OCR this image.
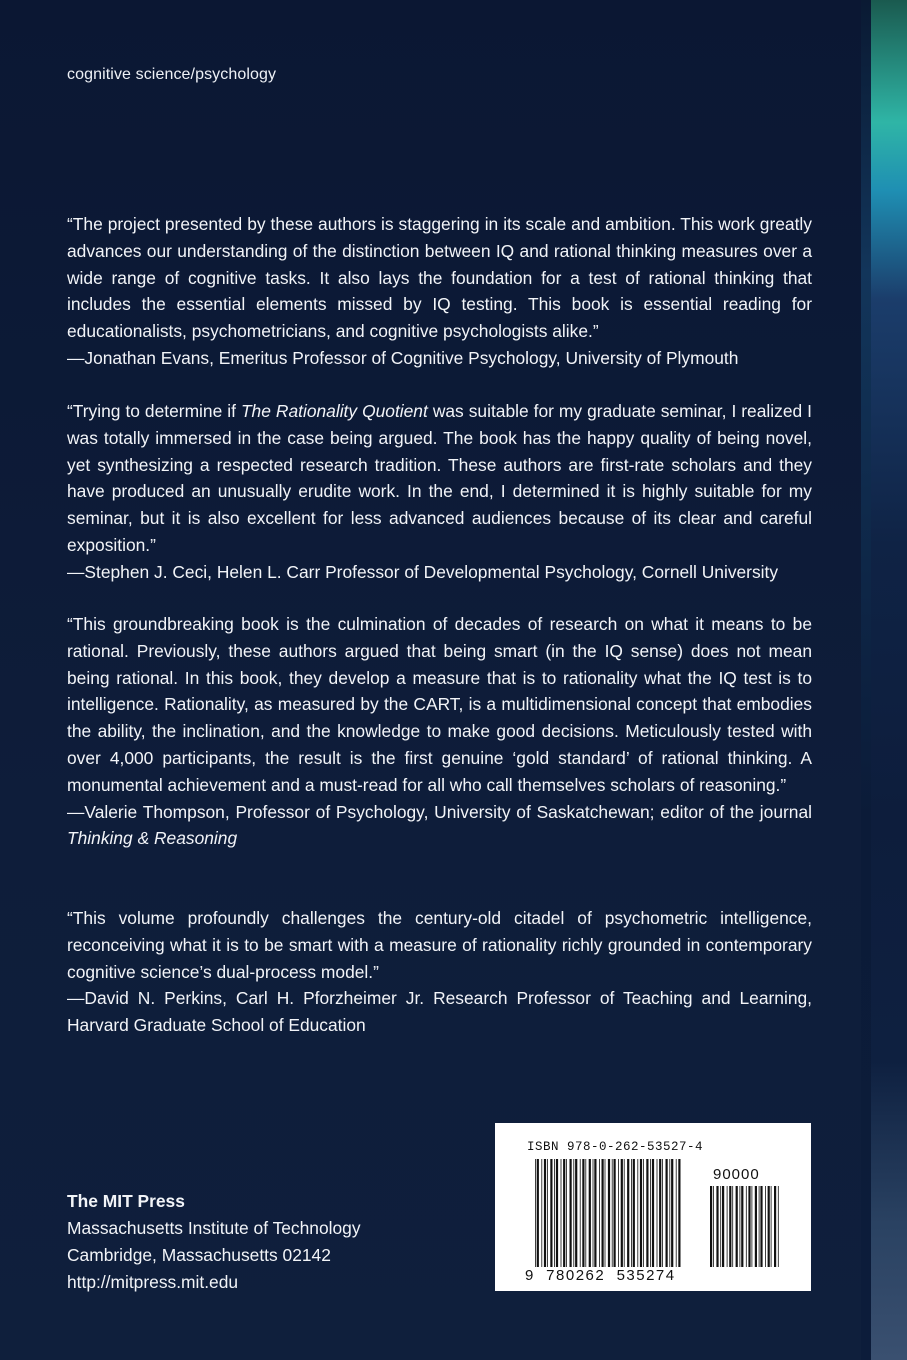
cognitive science/psychology

“The project presented by these authors is staggering in its scale and ambition. This work greatly advances our understanding of the distinction between IQ and rational thinking measures over a wide range of cognitive tasks. It also lays the foundation for a test of rational thinking that includes the essential elements missed by IQ testing. This book is essential reading for educationalists, psychometricians, and cognitive psychologists alike.”

—Jonathan Evans, Emeritus Professor of Cognitive Psychology, University of Plymouth

“Trying to determine if The Rationality Quotient was suitable for my graduate seminar, I realized I was totally immersed in the case being argued. The book has the happy quality of being novel, yet synthesizing a respected research tradition. These authors are first-rate scholars and they have produced an unusually erudite work. In the end, I determined it is highly suitable for my seminar, but it is also excellent for less advanced audiences because of its clear and careful exposition.”

—Stephen J. Ceci, Helen L. Carr Professor of Developmental Psychology, Cornell University

“This groundbreaking book is the culmination of decades of research on what it means to be rational. Previously, these authors argued that being smart (in the IQ sense) does not mean being rational. In this book, they develop a measure that is to rationality what the IQ test is to intelligence. Rationality, as measured by the CART, is a multidimensional concept that embodies the ability, the inclination, and the knowledge to make good decisions. Meticulously tested with over 4,000 participants, the result is the first genuine ‘gold standard’ of rational thinking. A monumental achievement and a must-read for all who call themselves scholars of reasoning.”

—Valerie Thompson, Professor of Psychology, University of Saskatchewan; editor of the journal Thinking & Reasoning

“This volume profoundly challenges the century-old citadel of psychometric intelligence, reconceiving what it is to be smart with a measure of rationality richly grounded in contemporary cognitive science’s dual-process model.”

—David N. Perkins, Carl H. Pforzheimer Jr. Research Professor of Teaching and Learning, Harvard Graduate School of Education

The MIT Press
Massachusetts Institute of Technology
Cambridge, Massachusetts 02142
http://mitpress.mit.edu
ISBN 978-0-262-53527-4
90000
9  780262  535274
